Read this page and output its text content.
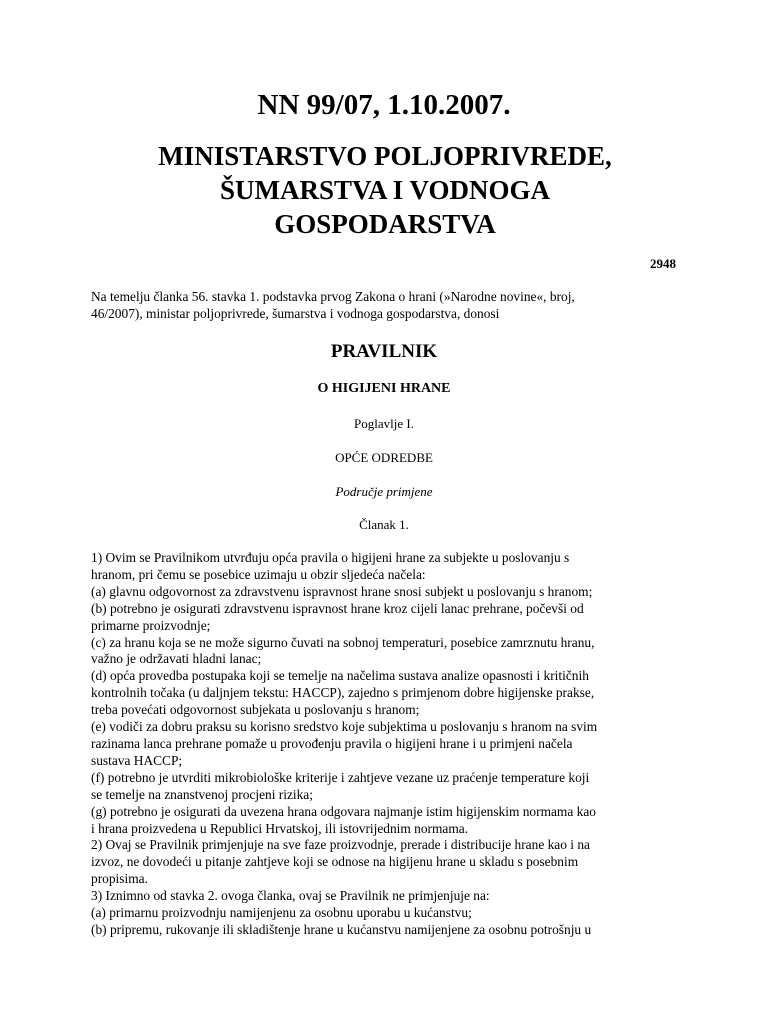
NN 99/07, 1.10.2007.
MINISTARSTVO POLJOPRIVREDE,
ŠUMARSTVA I VODNOGA
GOSPODARSTVA
2948
Na temelju članka 56. stavka 1. podstavka prvog Zakona o hrani (»Narodne novine«, broj,
46/2007), ministar poljoprivrede, šumarstva i vodnoga gospodarstva, donosi
PRAVILNIK
O HIGIJENI HRANE
Poglavlje I.
OPĆE ODREDBE
Područje primjene
Članak 1.
1) Ovim se Pravilnikom utvrđuju opća pravila o higijeni hrane za subjekte u poslovanju s
hranom, pri čemu se posebice uzimaju u obzir sljedeća načela:
(a) glavnu odgovornost za zdravstvenu ispravnost hrane snosi subjekt u poslovanju s hranom;
(b) potrebno je osigurati zdravstvenu ispravnost hrane kroz cijeli lanac prehrane, počevši od
primarne proizvodnje;
(c) za hranu koja se ne može sigurno čuvati na sobnoj temperaturi, posebice zamrznutu hranu,
važno je održavati hladni lanac;
(d) opća provedba postupaka koji se temelje na načelima sustava analize opasnosti i kritičnih
kontrolnih točaka (u daljnjem tekstu: HACCP), zajedno s primjenom dobre higijenske prakse,
treba povećati odgovornost subjekata u poslovanju s hranom;
(e) vodiči za dobru praksu su korisno sredstvo koje subjektima u poslovanju s hranom na svim
razinama lanca prehrane pomaže u provođenju pravila o higijeni hrane i u primjeni načela
sustava HACCP;
(f) potrebno je utvrditi mikrobiološke kriterije i zahtjeve vezane uz praćenje temperature koji
se temelje na znanstvenoj procjeni rizika;
(g) potrebno je osigurati da uvezena hrana odgovara najmanje istim higijenskim normama kao
i hrana proizvedena u Republici Hrvatskoj, ili istovrijednim normama.
2) Ovaj se Pravilnik primjenjuje na sve faze proizvodnje, prerade i distribucije hrane kao i na
izvoz, ne dovodeći u pitanje zahtjeve koji se odnose na higijenu hrane u skladu s posebnim
propisima.
3) Iznimno od stavka 2. ovoga članka, ovaj se Pravilnik ne primjenjuje na:
(a) primarnu proizvodnju namijenjenu za osobnu uporabu u kućanstvu;
(b) pripremu, rukovanje ili skladištenje hrane u kućanstvu namijenjene za osobnu potrošnju u
